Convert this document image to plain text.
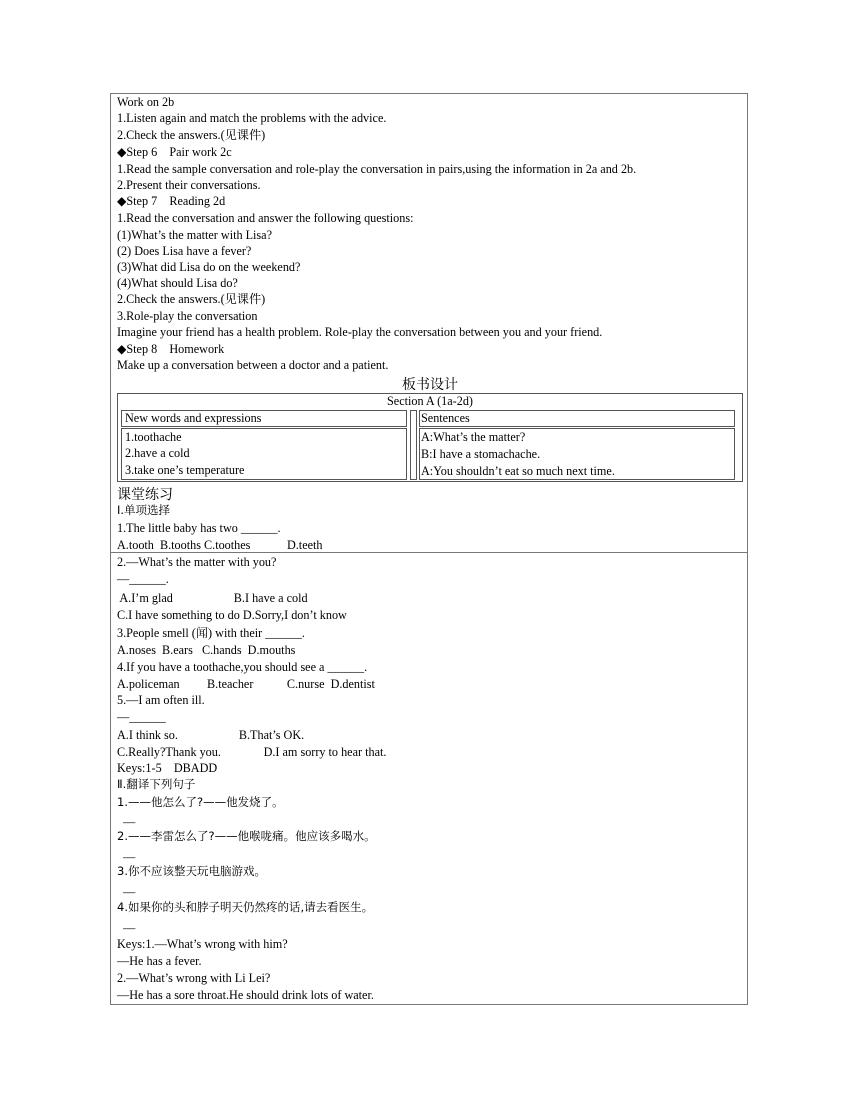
Work on 2b
1.Listen again and match the problems with the advice.
2.Check the answers.(见课件)
◆Step 6    Pair work 2c
1.Read the sample conversation and role-play the conversation in pairs,using the information in 2a and 2b.
2.Present their conversations.
◆Step 7    Reading 2d
1.Read the conversation and answer the following questions:
(1)What’s the matter with Lisa?
(2) Does Lisa have a fever?
(3)What did Lisa do on the weekend?
(4)What should Lisa do?
2.Check the answers.(见课件)
3.Role-play the conversation
Imagine your friend has a health problem. Role-play the conversation between you and your friend.
◆Step 8    Homework
Make up a conversation between a doctor and a patient.
板书设计
Section A (1a-2d)
New words and expressions	Sentences
1.toothache
2.have a cold
3.take one’s temperature
A:What’s the matter?
B:I have a stomachache.
A:You shouldn’t eat so much next time.
课堂练习
Ⅰ.单项选择
1.The little baby has two ______.
A.tooth  B.tooths C.toothes            D.teeth
2.—What’s the matter with you?
—______.
A.I’m glad                    B.I have a cold
C.I have something to do D.Sorry,I don’t know
3.People smell (闻) with their ______.
A.noses  B.ears   C.hands  D.mouths
4.If you have a toothache,you should see a ______.
A.policeman         B.teacher           C.nurse  D.dentist
5.—I am often ill.
—______
A.I think so.                    B.That’s OK.
C.Really?Thank you.              D.I am sorry to hear that.
Keys:1-5    DBADD
Ⅱ.翻译下列句子
1.——他怎么了?——他发烧了。
—
2.——李雷怎么了?——他喉咙痛。他应该多喝水。
—
3.你不应该整天玩电脑游戏。
—
4.如果你的头和脖子明天仍然疼的话,请去看医生。
—
Keys:1.—What’s wrong with him?
—He has a fever.
2.—What’s wrong with Li Lei?
—He has a sore throat.He should drink lots of water.
